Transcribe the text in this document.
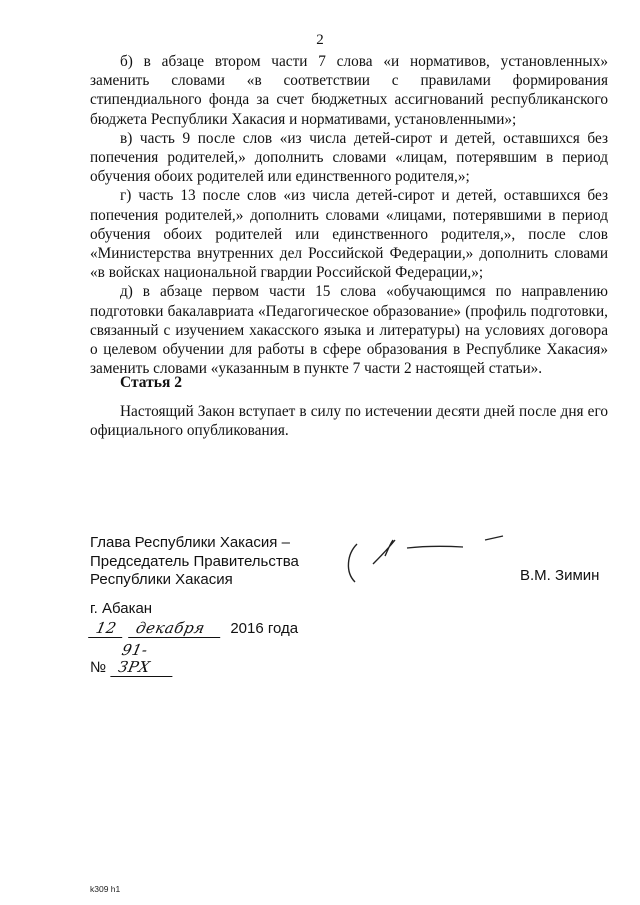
2

б) в абзаце втором части 7 слова «и нормативов, установленных» заменить словами «в соответствии с правилами формирования стипендиального фонда за счет бюджетных ассигнований республиканского бюджета Республики Хакасия и нормативами, установленными»;

в) часть 9 после слов «из числа детей-сирот и детей, оставшихся без попечения родителей,» дополнить словами «лицам, потерявшим в период обучения обоих родителей или единственного родителя,»;

г) часть 13 после слов «из числа детей-сирот и детей, оставшихся без попечения родителей,» дополнить словами «лицами, потерявшими в период обучения обоих родителей или единственного родителя,», после слов «Министерства внутренних дел Российской Федерации,» дополнить словами «в войсках национальной гвардии Российской Федерации,»;

д) в абзаце первом части 15 слова «обучающимся по направлению подготовки бакалавриата «Педагогическое образование» (профиль подготовки, связанный с изучением хакасского языка и литературы) на условиях договора о целевом обучении для работы в сфере образования в Республике Хакасия» заменить словами «указанным в пункте 7 части 2 настоящей статьи».

Статья 2

Настоящий Закон вступает в силу по истечении десяти дней после дня его официального опубликования.

Глава Республики Хакасия –
Председатель Правительства
Республики Хакасия	В.М. Зимин
г. Абакан
12 декабря 2016 года
№ 91-ЗРХ
k309 h1
